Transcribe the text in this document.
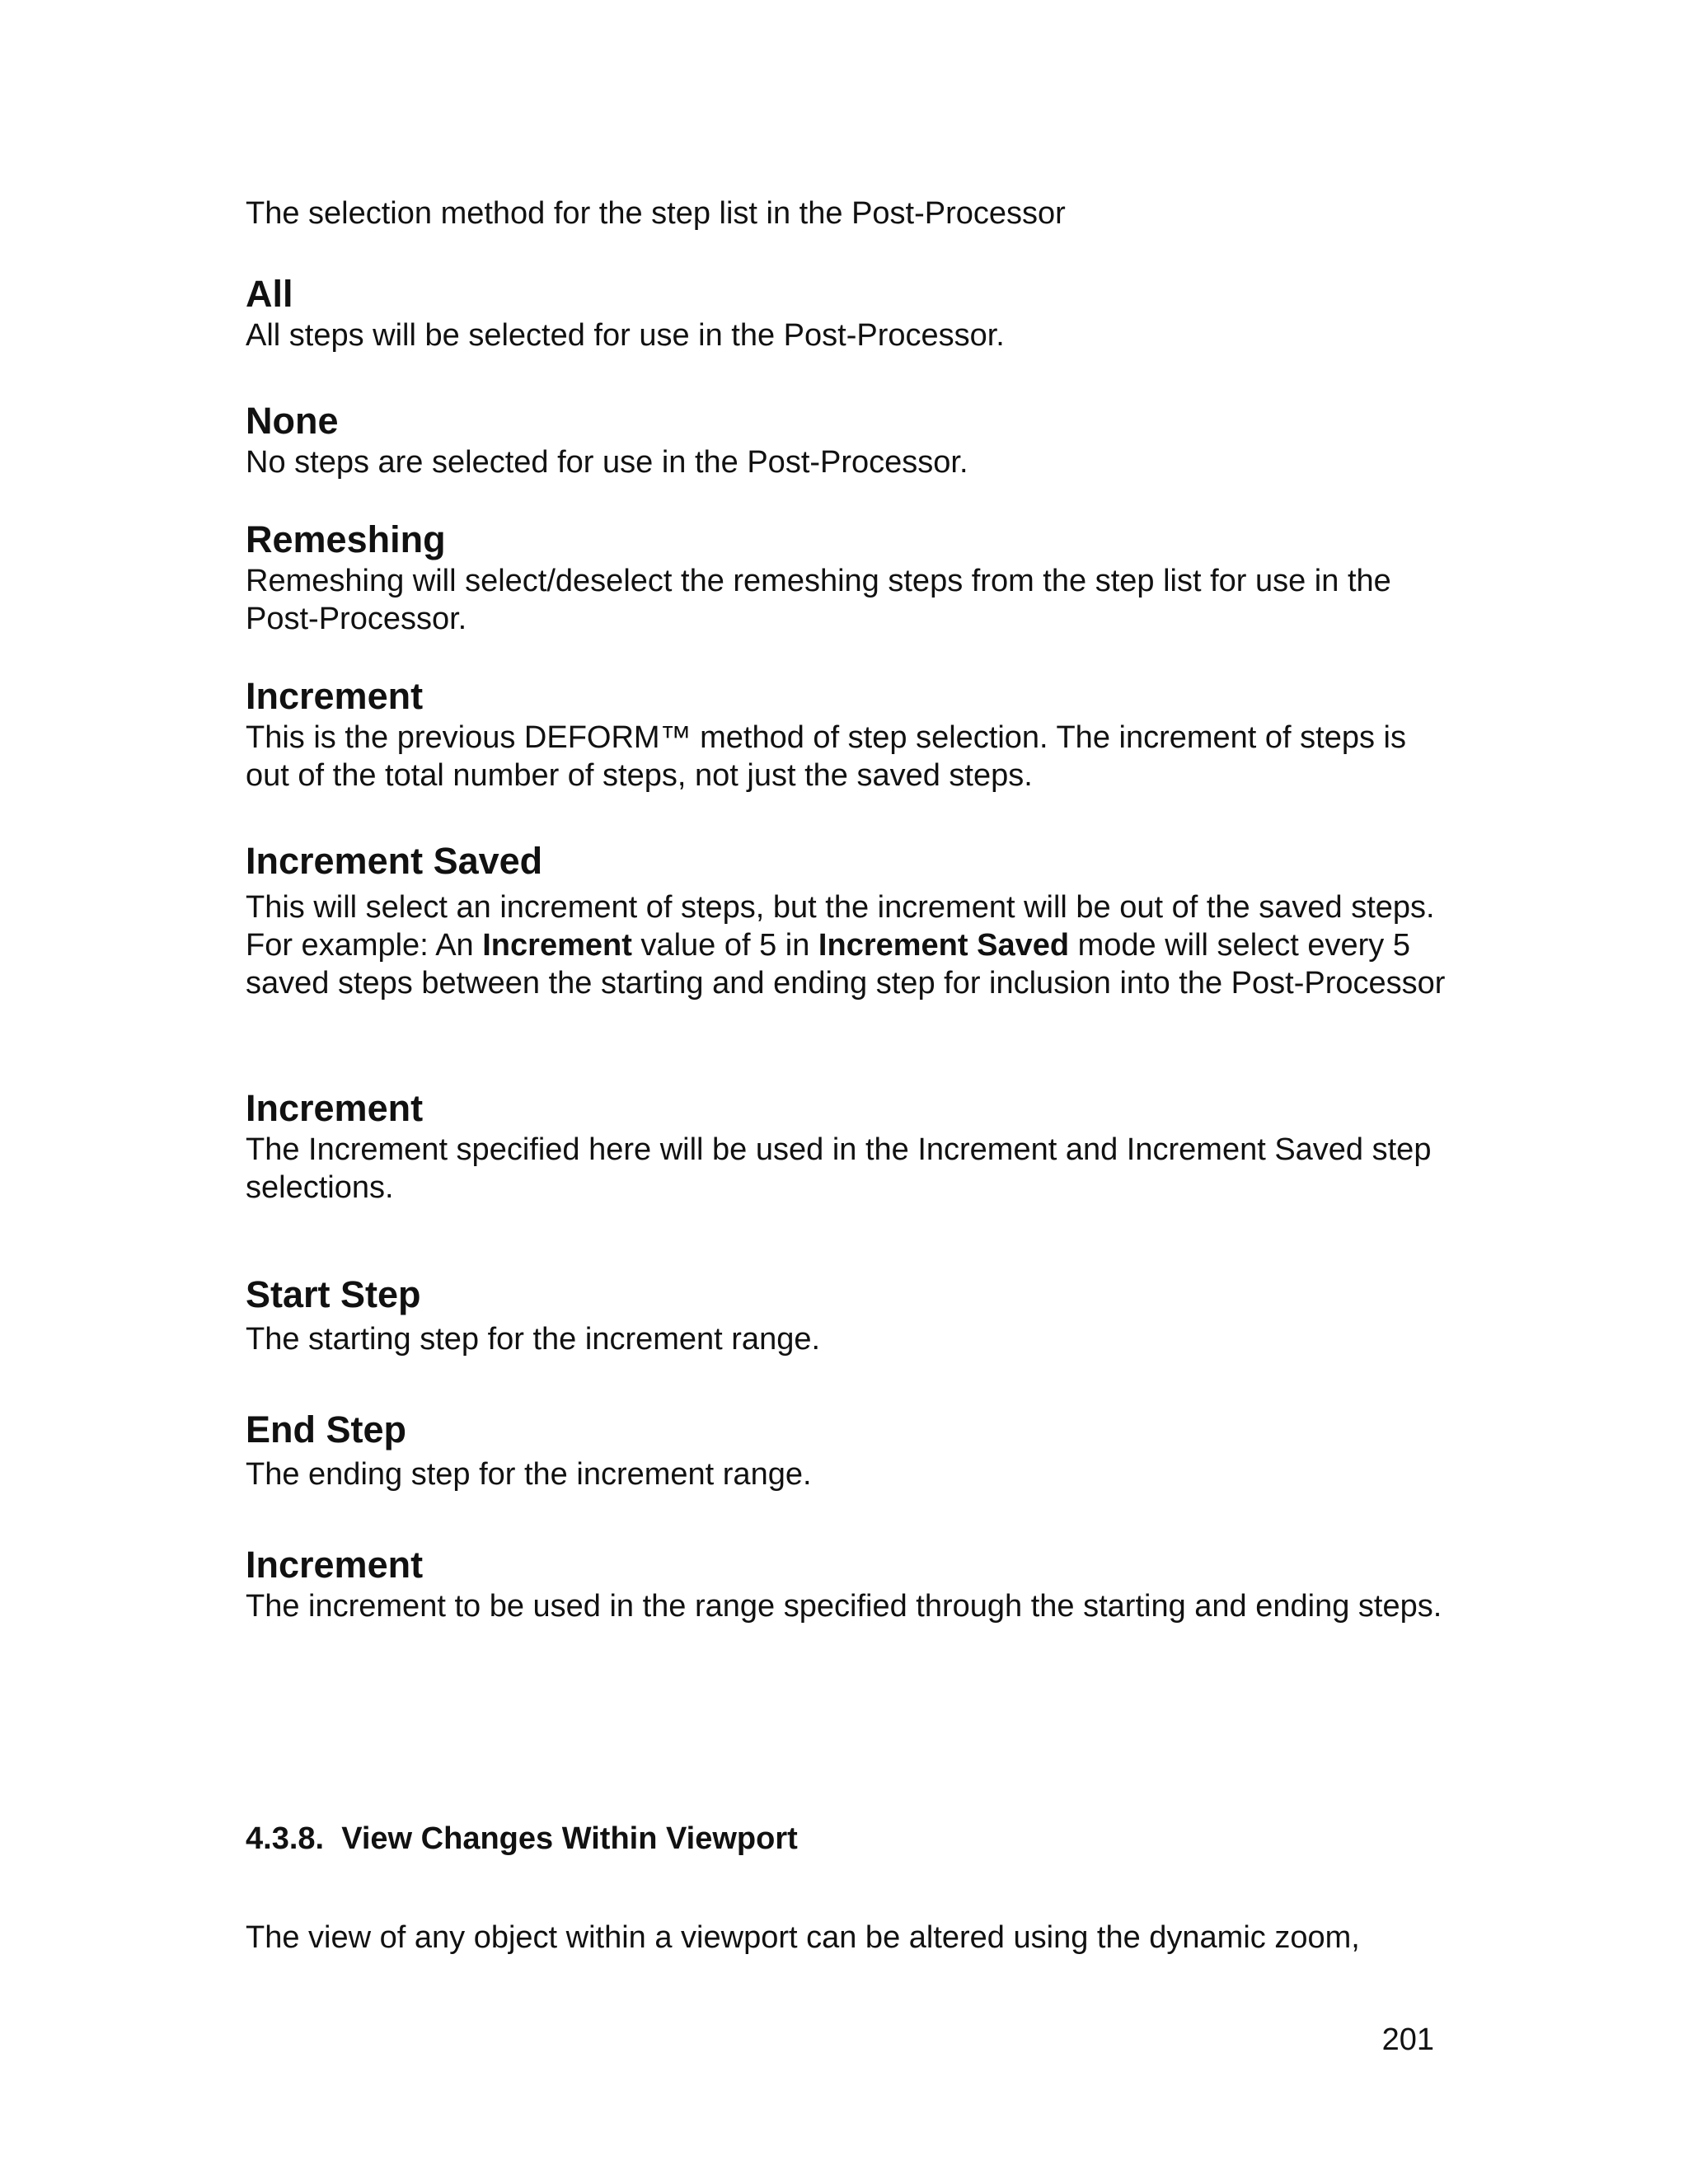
The selection method for the step list in the Post-Processor

All

All steps will be selected for use in the Post-Processor.

None

No steps are selected for use in the Post-Processor.

Remeshing

Remeshing will select/deselect the remeshing steps from the step list for use in the Post-Processor.

Increment

This is the previous DEFORM™ method of step selection. The increment of steps is out of the total number of steps, not just the saved steps.

Increment Saved

This will select an increment of steps, but the increment will be out of the saved steps. For example: An Increment value of 5 in Increment Saved mode will select every 5 saved steps between the starting and ending step for inclusion into the Post-Processor

Increment

The Increment specified here will be used in the Increment and Increment Saved step selections.

Start Step

The starting step for the increment range.

End Step

The ending step for the increment range.

Increment

The increment to be used in the range specified through the starting and ending steps.

4.3.8. View Changes Within Viewport

The view of any object within a viewport can be altered using the dynamic zoom,

201
